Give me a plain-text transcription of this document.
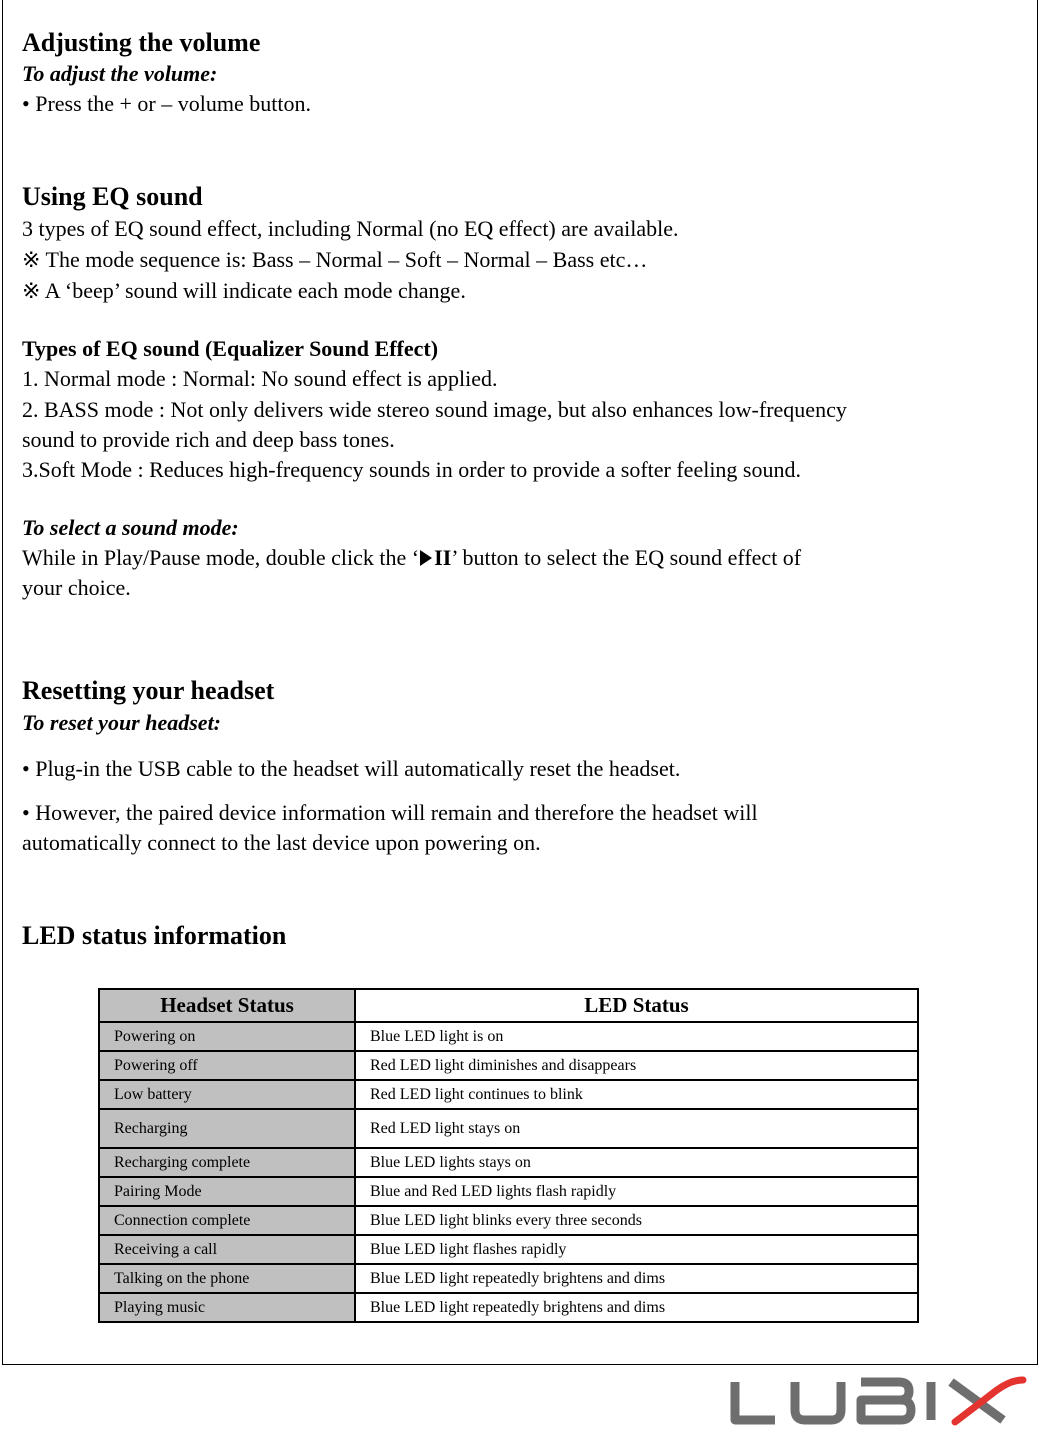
Adjusting the volume
To adjust the volume:
• Press the + or – volume button.
Using EQ sound
3 types of EQ sound effect, including Normal (no EQ effect) are available.
※ The mode sequence is: Bass – Normal – Soft – Normal – Bass etc…
※ A ‘beep’ sound will indicate each mode change.
Types of EQ sound (Equalizer Sound Effect)
1. Normal mode : Normal: No sound effect is applied.
2. BASS mode : Not only delivers wide stereo sound image, but also enhances low-frequency
sound to provide rich and deep bass tones.
3.Soft Mode : Reduces high-frequency sounds in order to provide a softer feeling sound.
To select a sound mode:
While in Play/Pause mode, double click the ‘ II’ button to select the EQ sound effect of
your choice.
Resetting your headset
To reset your headset:
• Plug-in the USB cable to the headset will automatically reset the headset.
• However, the paired device information will remain and therefore the headset will
automatically connect to the last device upon powering on.
LED status information
Headset Status	LED Status
Powering on	Blue LED light is on
Powering off	Red LED light diminishes and disappears
Low battery	Red LED light continues to blink
Recharging	Red LED light stays on
Recharging complete	Blue LED lights stays on
Pairing Mode	Blue and Red LED lights flash rapidly
Connection complete	Blue LED light blinks every three seconds
Receiving a call	Blue LED light flashes rapidly
Talking on the phone	Blue LED light repeatedly brightens and dims
Playing music	Blue LED light repeatedly brightens and dims
